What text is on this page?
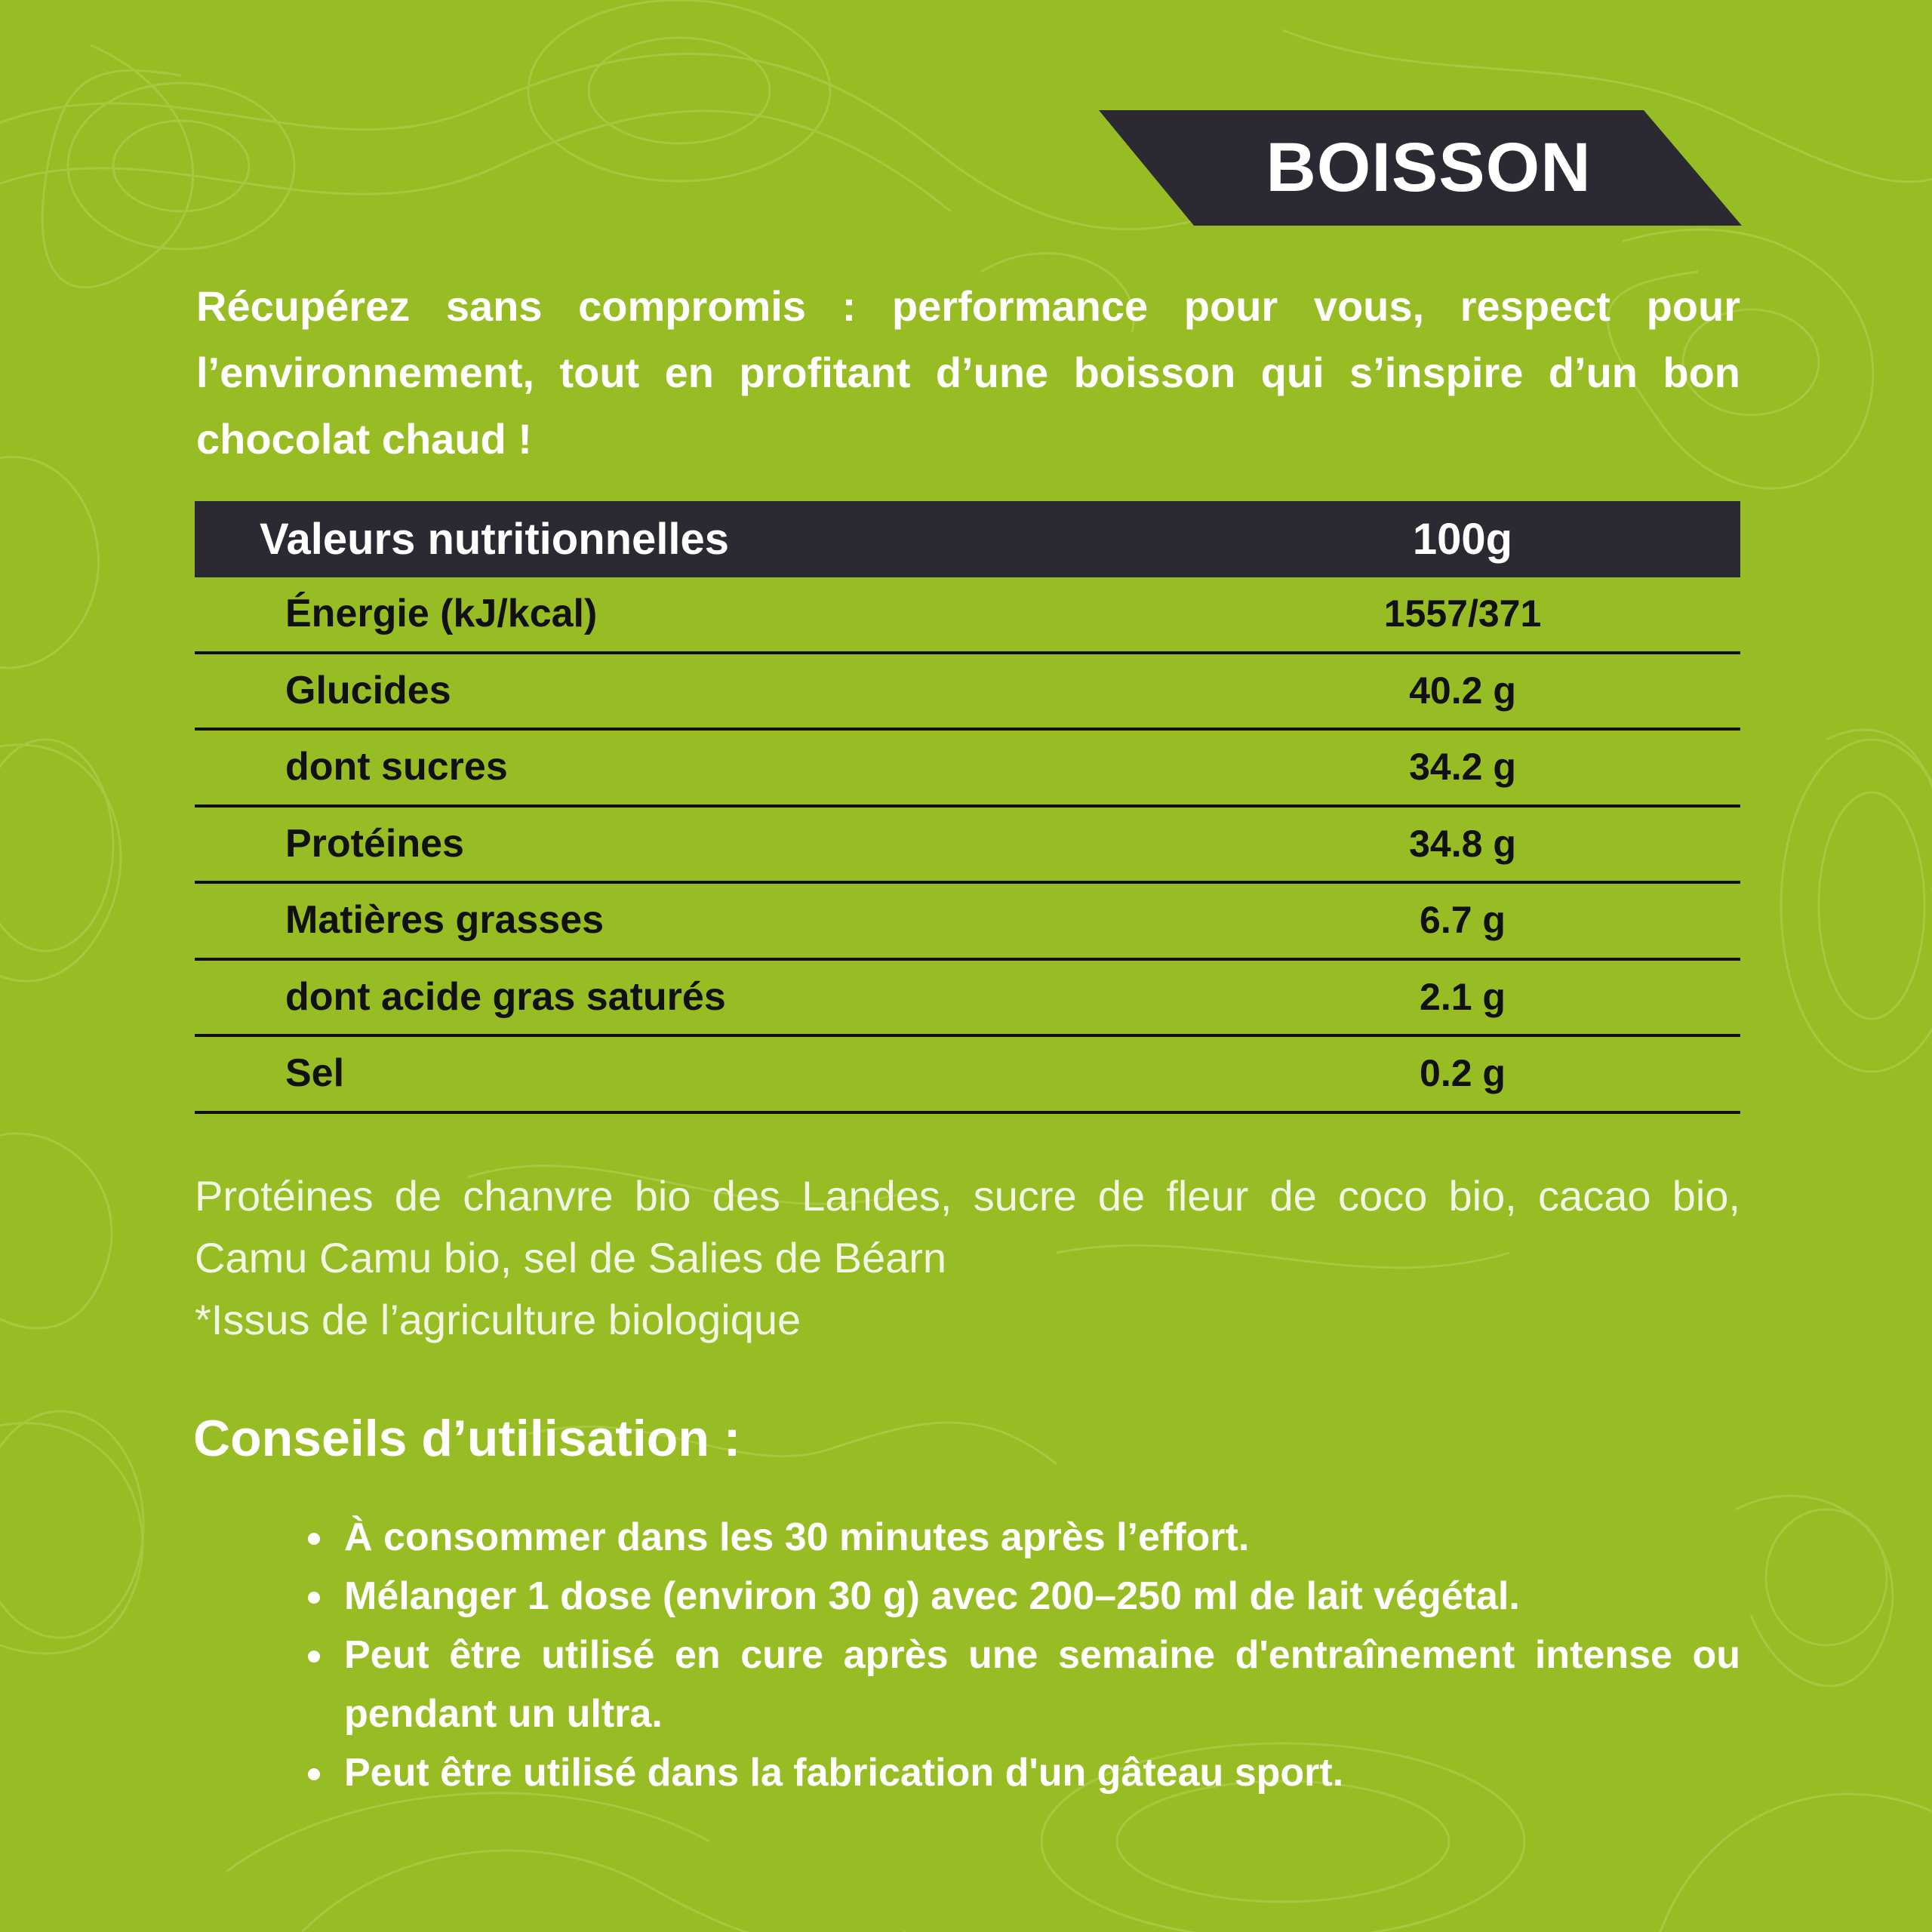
BOISSON

Récupérez sans compromis : performance pour vous, respect pour l’environnement, tout en profitant d’une boisson qui s’inspire d’un bon chocolat chaud !

Valeurs nutritionnelles	100g
Énergie (kJ/kcal)	1557/371
Glucides	40.2 g
dont sucres	34.2 g
Protéines	34.8 g
Matières grasses	6.7 g
dont acide gras saturés	2.1 g
Sel	0.2 g

Protéines de chanvre bio des Landes, sucre de fleur de coco bio, cacao bio, Camu Camu bio, sel de Salies de Béarn

*Issus de l’agriculture biologique
Conseils d’utilisation :
À consommer dans les 30 minutes après l’effort.
Mélanger 1 dose (environ 30 g) avec 200–250 ml de lait végétal.
Peut être utilisé en cure après une semaine d'entraînement intense ou pendant un ultra.
Peut être utilisé dans la fabrication d'un gâteau sport.
